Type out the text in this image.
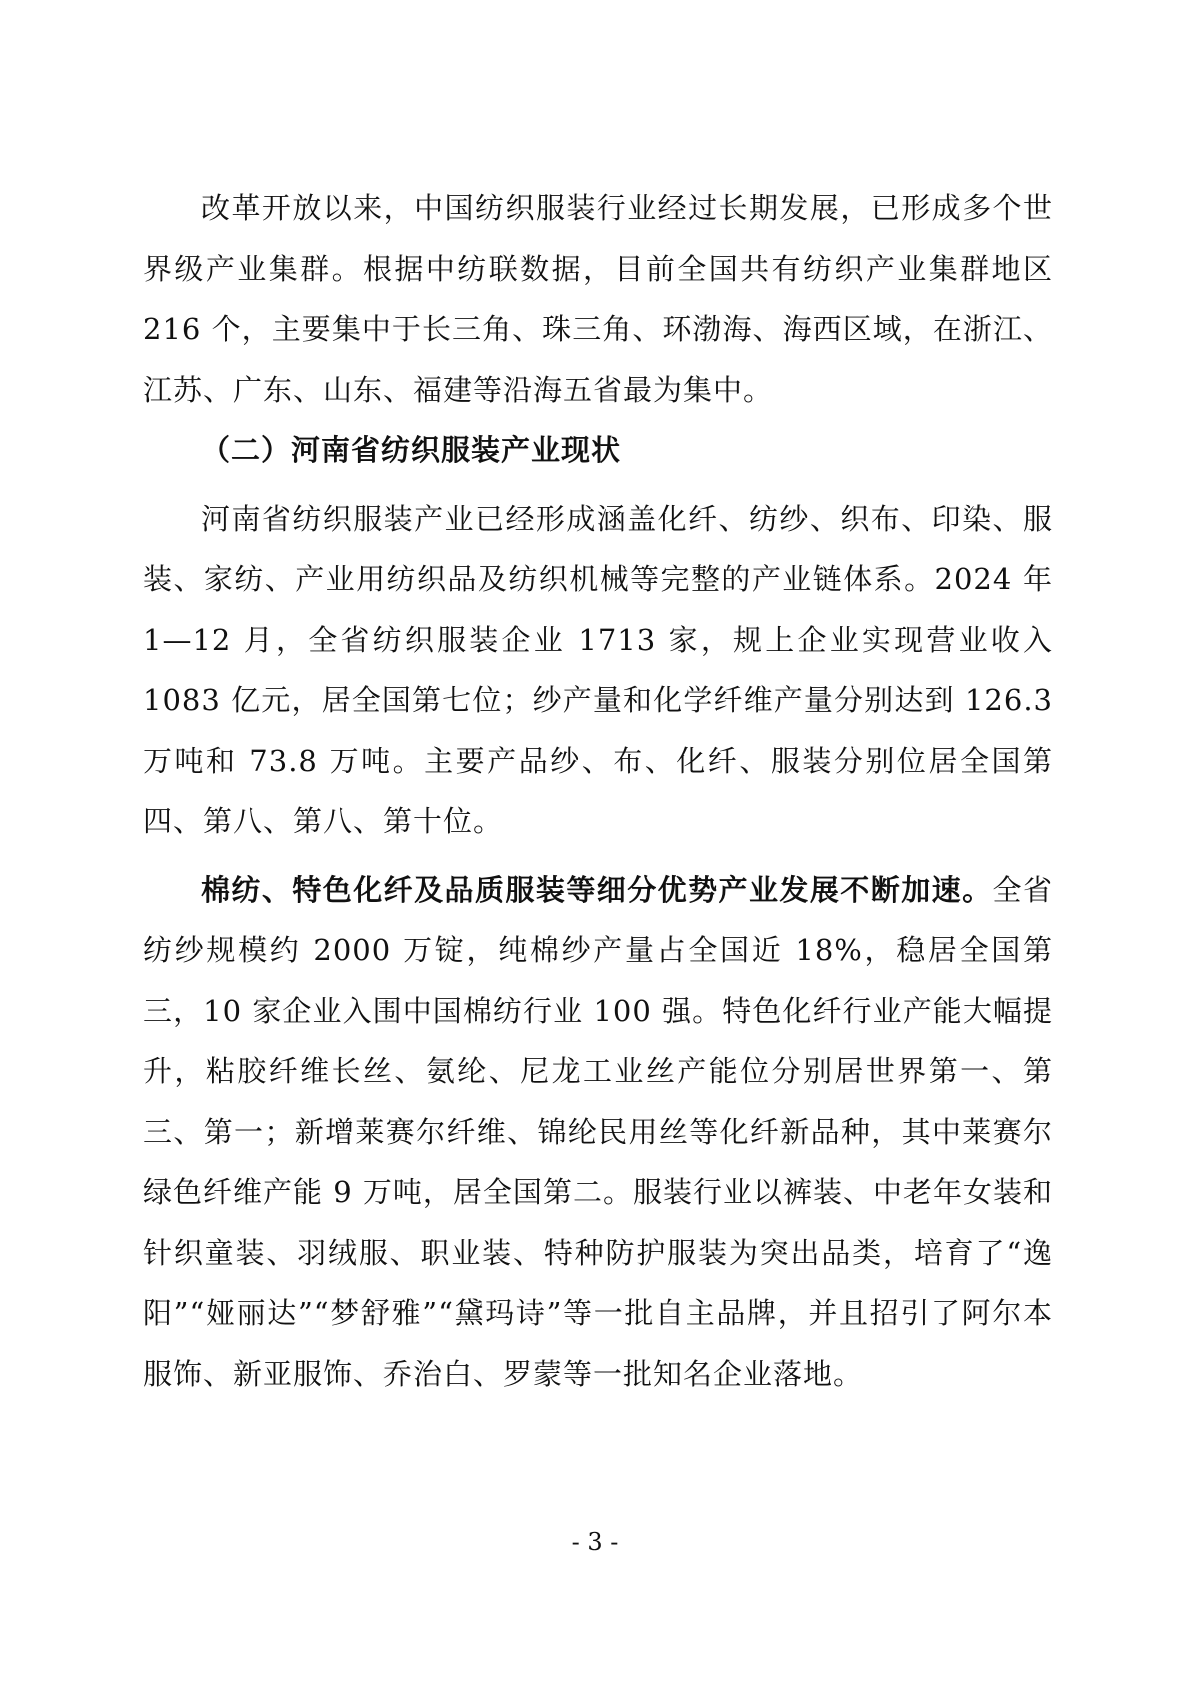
改革开放以来，中国纺织服装行业经过长期发展，已形成多个世界级产业集群。根据中纺联数据，目前全国共有纺织产业集群地区 216 个，主要集中于长三角、珠三角、环渤海、海西区域，在浙江、江苏、广东、山东、福建等沿海五省最为集中。

（二）河南省纺织服装产业现状

河南省纺织服装产业已经形成涵盖化纤、纺纱、织布、印染、服装、家纺、产业用纺织品及纺织机械等完整的产业链体系。2024 年 1—12 月，全省纺织服装企业 1713 家，规上企业实现营业收入 1083 亿元，居全国第七位；纱产量和化学纤维产量分别达到 126.3 万吨和 73.8 万吨。主要产品纱、布、化纤、服装分别位居全国第四、第八、第八、第十位。

棉纺、特色化纤及品质服装等细分优势产业发展不断加速。全省纺纱规模约 2000 万锭，纯棉纱产量占全国近 18%，稳居全国第三，10 家企业入围中国棉纺行业 100 强。特色化纤行业产能大幅提升，粘胶纤维长丝、氨纶、尼龙工业丝产能位分别居世界第一、第三、第一；新增莱赛尔纤维、锦纶民用丝等化纤新品种，其中莱赛尔绿色纤维产能 9 万吨，居全国第二。服装行业以裤装、中老年女装和针织童装、羽绒服、职业装、特种防护服装为突出品类，培育了“逸阳”“娅丽达”“梦舒雅”“黛玛诗”等一批自主品牌，并且招引了阿尔本服饰、新亚服饰、乔治白、罗蒙等一批知名企业落地。

- 3 -
